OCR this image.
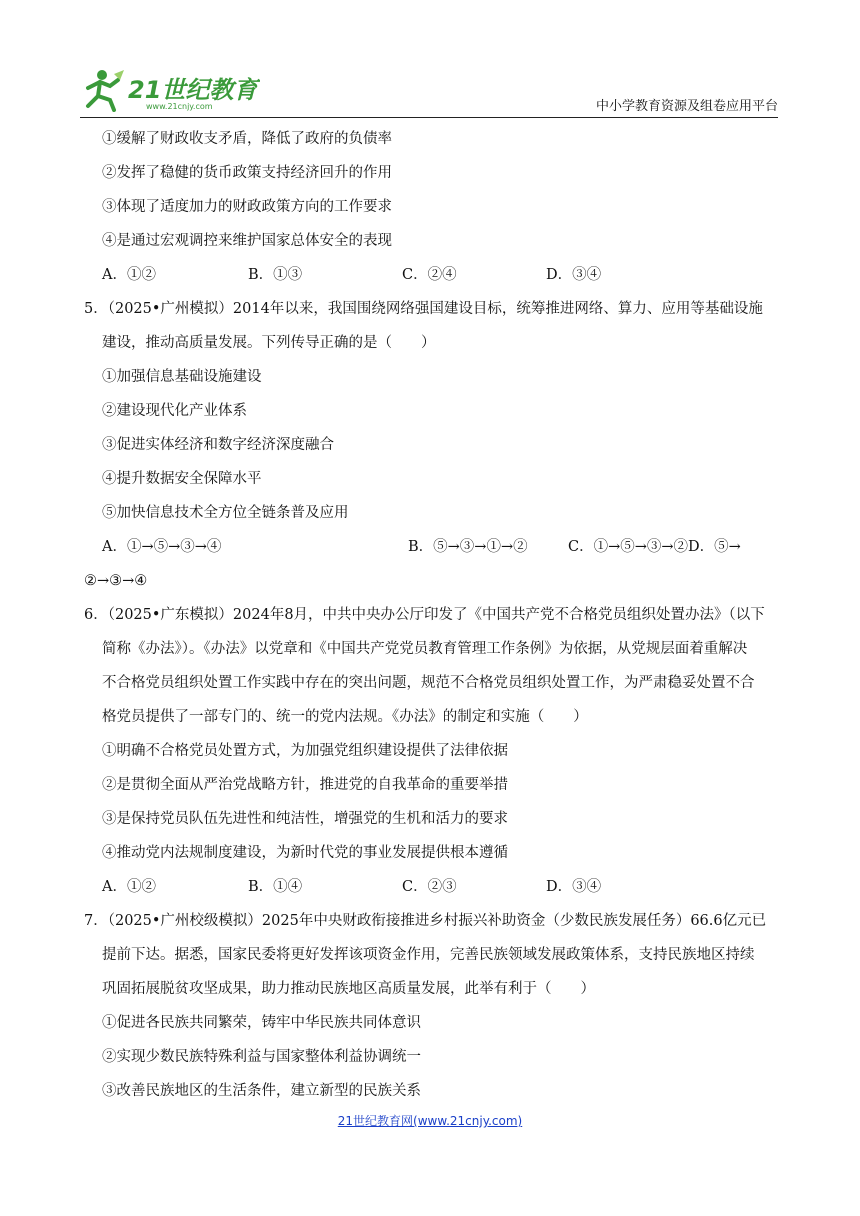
21世纪教育
www.21cnjy.com	中小学教育资源及组卷应用平台
①缓解了财政收支矛盾，降低了政府的负债率
②发挥了稳健的货币政策支持经济回升的作用
③体现了适度加力的财政政策方向的工作要求
④是通过宏观调控来维护国家总体安全的表现
A．①②	B．①③	C．②④	D．③④
5．（2025•广州模拟）2014年以来，我国围绕网络强国建设目标，统筹推进网络、算力、应用等基础设施
建设，推动高质量发展。下列传导正确的是（　　）
①加强信息基础设施建设
②建设现代化产业体系
③促进实体经济和数字经济深度融合
④提升数据安全保障水平
⑤加快信息技术全方位全链条普及应用
A．①→⑤→③→④	B．⑤→③→①→②	C．①→⑤→③→②D．⑤→
②→③→④
6．（2025•广东模拟）2024年8月，中共中央办公厅印发了《中国共产党不合格党员组织处置办法》（以下
简称《办法》）。《办法》以党章和《中国共产党党员教育管理工作条例》为依据，从党规层面着重解决
不合格党员组织处置工作实践中存在的突出问题，规范不合格党员组织处置工作，为严肃稳妥处置不合
格党员提供了一部专门的、统一的党内法规。《办法》的制定和实施（　　）
①明确不合格党员处置方式，为加强党组织建设提供了法律依据
②是贯彻全面从严治党战略方针，推进党的自我革命的重要举措
③是保持党员队伍先进性和纯洁性，增强党的生机和活力的要求
④推动党内法规制度建设，为新时代党的事业发展提供根本遵循
A．①②	B．①④	C．②③	D．③④
7．（2025•广州校级模拟）2025年中央财政衔接推进乡村振兴补助资金（少数民族发展任务）66.6亿元已
提前下达。据悉，国家民委将更好发挥该项资金作用，完善民族领域发展政策体系，支持民族地区持续
巩固拓展脱贫攻坚成果，助力推动民族地区高质量发展，此举有利于（　　）
①促进各民族共同繁荣，铸牢中华民族共同体意识
②实现少数民族特殊利益与国家整体利益协调统一
③改善民族地区的生活条件，建立新型的民族关系
21世纪教育网(www.21cnjy.com)
